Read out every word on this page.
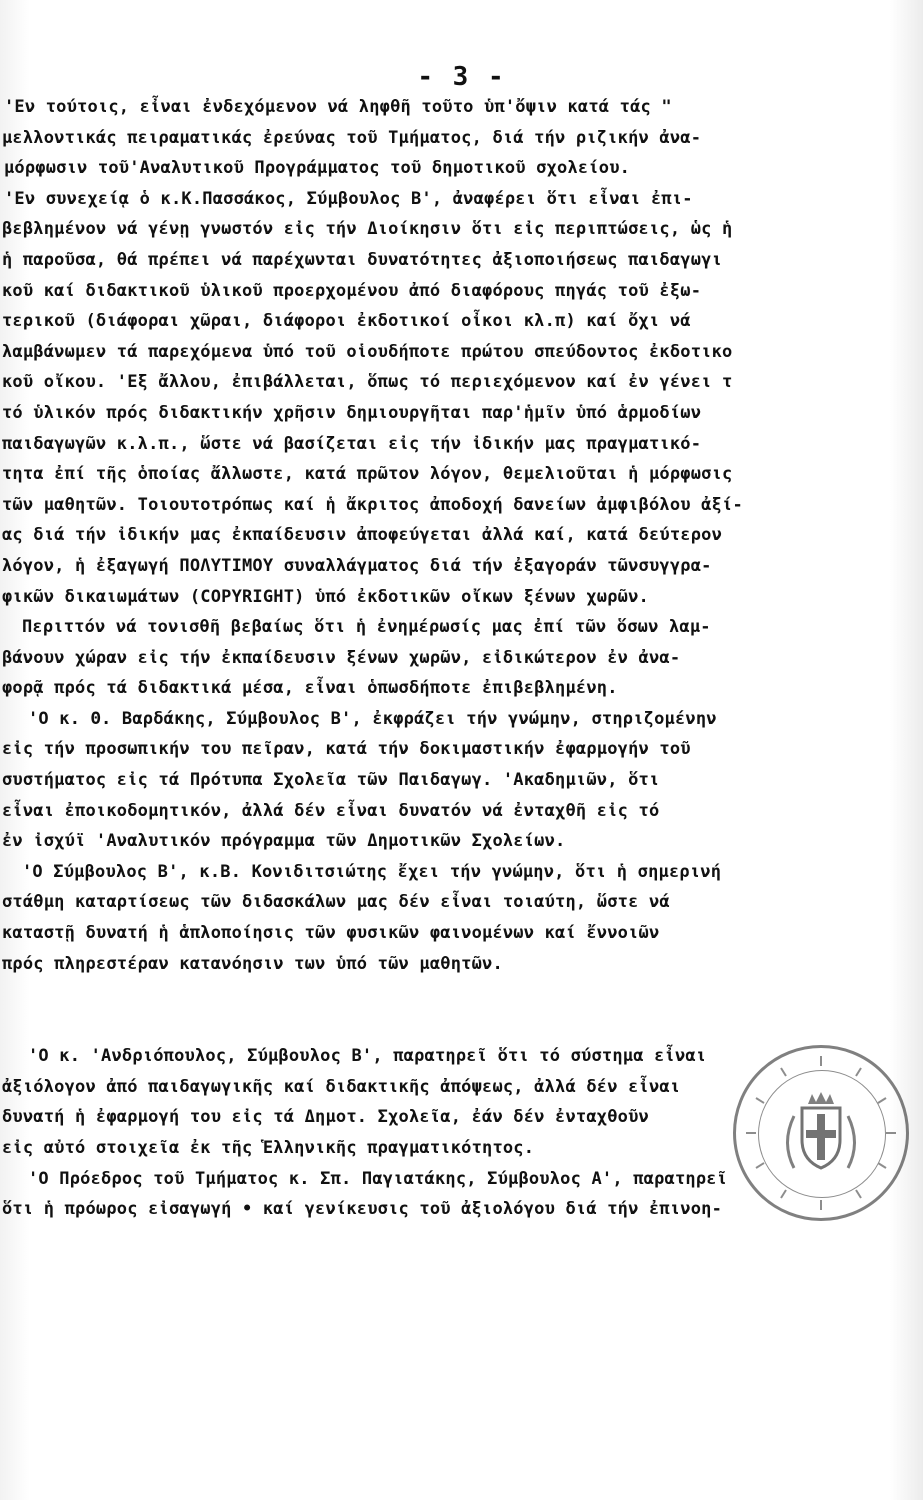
- 3 -
'Εν τούτοις, εἶναι ἐνδεχόμενον νά ληφθῆ τοῦτο ὑπ'ὄψιν κατά τάς "
μελλοντικάς πειραματικάς ἐρεύνας τοῦ Τμήματος, διά τήν ριζικήν ἀνα-
μόρφωσιν τοῦ'Αναλυτικοῦ Προγράμματος τοῦ δημοτικοῦ σχολείου.
'Εν συνεχείᾳ ὁ κ.Κ.Πασσάκος, Σύμβουλος Β', ἀναφέρει ὅτι εἶναι ἐπι-
βεβλημένον νά γένῃ γνωστόν εἰς τήν Διοίκησιν ὅτι εἰς περιπτώσεις, ὡς ἡ
ἡ παροῦσα, θά πρέπει νά παρέχωνται δυνατότητες ἀξιοποιήσεως παιδαγωγι
κοῦ καί διδακτικοῦ ὑλικοῦ προερχομένου ἀπό διαφόρους πηγάς τοῦ ἐξω-
τερικοῦ (διάφοραι χῶραι, διάφοροι ἐκδοτικοί οἶκοι κλ.π) καί ὄχι νά
λαμβάνωμεν τά παρεχόμενα ὑπό τοῦ οἱουδήποτε πρώτου σπεύδοντος ἐκδοτικο
κοῦ οἴκου. 'Εξ ἄλλου, ἐπιβάλλεται, ὅπως τό περιεχόμενον καί ἐν γένει τ
τό ὑλικόν πρός διδακτικήν χρῆσιν δημιουργῆται παρ'ἡμῖν ὑπό ἁρμοδίων
παιδαγωγῶν κ.λ.π., ὥστε νά βασίζεται εἰς τήν ἰδικήν μας πραγματικό-
τητα ἐπί τῆς ὁποίας ἄλλωστε, κατά πρῶτον λόγον, θεμελιοῦται ἡ μόρφωσις
τῶν μαθητῶν. Τοιουτοτρόπως καί ἡ ἄκριτος ἀποδοχή δανείων ἀμφιβόλου ἀξί-
ας διά τήν ἰδικήν μας ἐκπαίδευσιν ἀποφεύγεται ἀλλά καί, κατά δεύτερον
λόγον, ἡ ἐξαγωγή ΠΟΛΥΤΙΜΟΥ συναλλάγματος διά τήν ἐξαγοράν τῶνσυγγρα-
φικῶν δικαιωμάτων (COPYRIGHT) ὑπό ἐκδοτικῶν οἴκων ξένων χωρῶν.
Περιττόν νά τονισθῆ βεβαίως ὅτι ἡ ἐνημέρωσίς μας ἐπί τῶν ὅσων λαμ-
βάνουν χώραν εἰς τήν ἐκπαίδευσιν ξένων χωρῶν, εἰδικώτερον ἐν ἀνα-
φορᾷ πρός τά διδακτικά μέσα, εἶναι ὁπωσδήποτε ἐπιβεβλημένη.
'Ο κ. Θ. Βαρδάκης, Σύμβουλος Β', ἐκφράζει τήν γνώμην, στηριζομένην
εἰς τήν προσωπικήν του πεῖραν, κατά τήν δοκιμαστικήν ἐφαρμογήν τοῦ
συστήματος εἰς τά Πρότυπα Σχολεῖα τῶν Παιδαγωγ. 'Ακαδημιῶν, ὅτι
εἶναι ἐποικοδομητικόν, ἀλλά δέν εἶναι δυνατόν νά ἐνταχθῆ εἰς τό
ἐν ἰσχύϊ 'Αναλυτικόν πρόγραμμα τῶν Δημοτικῶν Σχολείων.
'Ο Σύμβουλος Β', κ.Β. Κονιδιτσιώτης ἔχει τήν γνώμην, ὅτι ἡ σημερινή
στάθμη καταρτίσεως τῶν διδασκάλων μας δέν εἶναι τοιαύτη, ὥστε νά
καταστῇ δυνατή ἡ ἁπλοποίησις τῶν φυσικῶν φαινομένων καί ἔννοιῶν
πρός πληρεστέραν κατανόησιν των ὑπό τῶν μαθητῶν.
'Ο κ. 'Ανδριόπουλος, Σύμβουλος Β', παρατηρεῖ ὅτι τό σύστημα εἶναι
ἀξιόλογον ἀπό παιδαγωγικῆς καί διδακτικῆς ἀπόψεως, ἀλλά δέν εἶναι
δυνατή ἡ ἐφαρμογή του εἰς τά Δημοτ. Σχολεῖα, ἐάν δέν ἐνταχθοῦν
εἰς αὐτό στοιχεῖα ἐκ τῆς Ἑλληνικῆς πραγματικότητος.
'Ο Πρόεδρος τοῦ Τμήματος κ. Σπ. Παγιατάκης, Σύμβουλος Α', παρατηρεῖ
ὅτι ἡ πρόωρος εἰσαγωγή • καί γενίκευσις τοῦ ἀξιολόγου διά τήν ἐπινοη-
